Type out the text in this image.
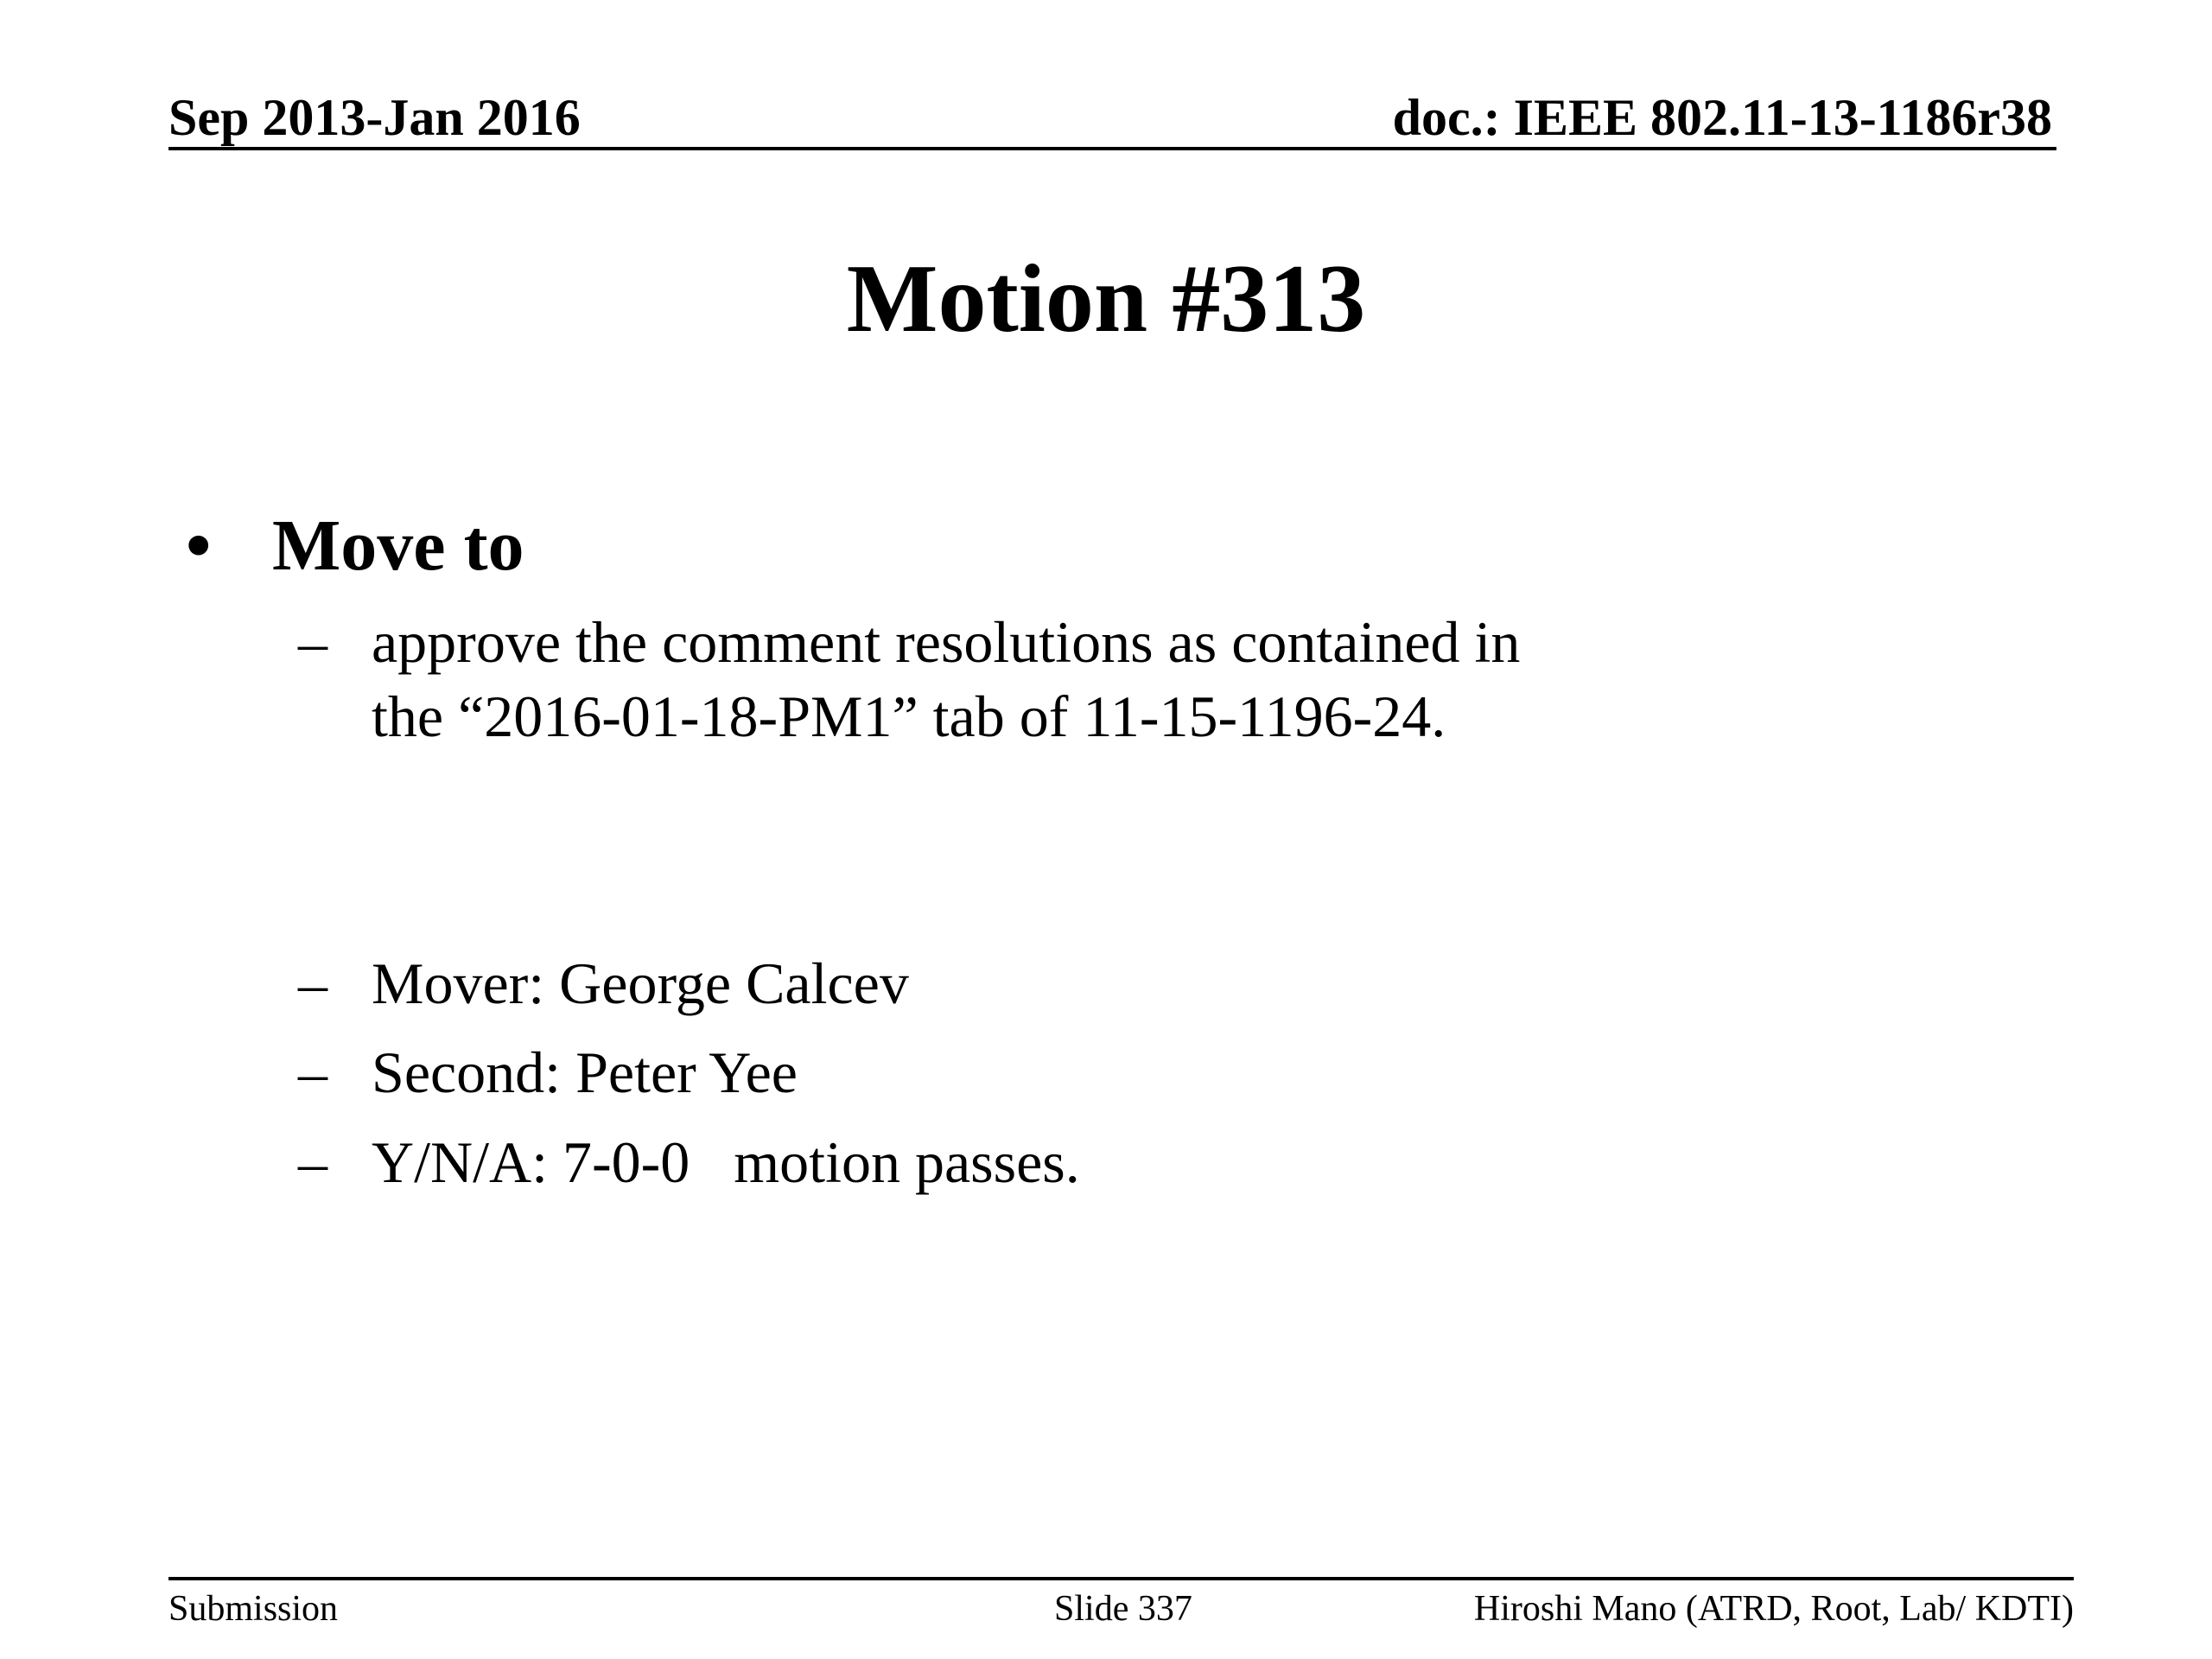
Sep 2013-Jan 2016	doc.: IEEE 802.11-13-1186r38
Motion #313
• Move to
– approve the comment resolutions as contained in
the “2016-01-18-PM1” tab of 11-15-1196-24.
– Mover: George Calcev
– Second: Peter Yee
– Y/N/A: 7-0-0   motion passes.
Submission	Slide 337	Hiroshi Mano (ATRD, Root, Lab/ KDTI)
